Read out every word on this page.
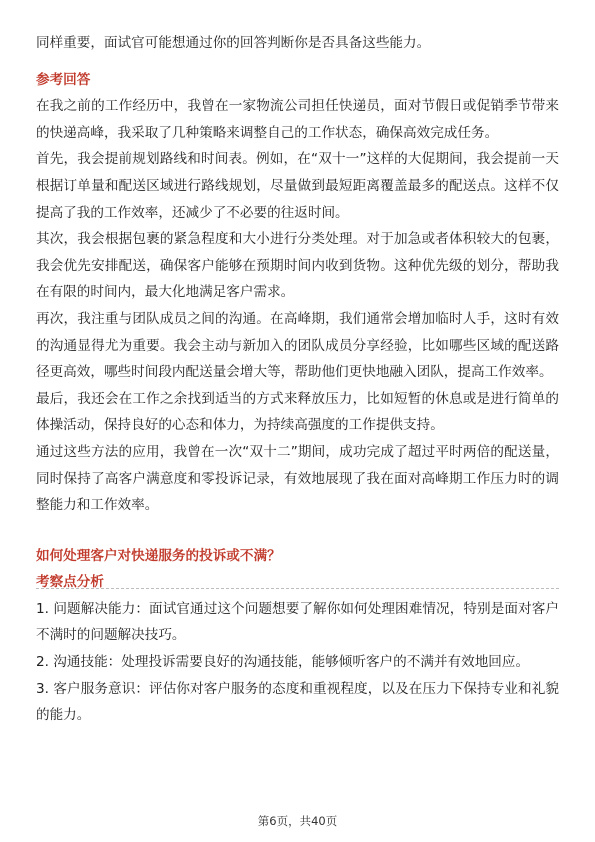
同样重要，面试官可能想通过你的回答判断你是否具备这些能力。

参考回答

在我之前的工作经历中，我曾在一家物流公司担任快递员，面对节假日或促销季节带来的快递高峰，我采取了几种策略来调整自己的工作状态，确保高效完成任务。

首先，我会提前规划路线和时间表。例如，在“双十一”这样的大促期间，我会提前一天根据订单量和配送区域进行路线规划，尽量做到最短距离覆盖最多的配送点。这样不仅提高了我的工作效率，还减少了不必要的往返时间。

其次，我会根据包裹的紧急程度和大小进行分类处理。对于加急或者体积较大的包裹，我会优先安排配送，确保客户能够在预期时间内收到货物。这种优先级的划分，帮助我在有限的时间内，最大化地满足客户需求。

再次，我注重与团队成员之间的沟通。在高峰期，我们通常会增加临时人手，这时有效的沟通显得尤为重要。我会主动与新加入的团队成员分享经验，比如哪些区域的配送路径更高效，哪些时间段内配送量会增大等，帮助他们更快地融入团队，提高工作效率。

最后，我还会在工作之余找到适当的方式来释放压力，比如短暂的休息或是进行简单的体操活动，保持良好的心态和体力，为持续高强度的工作提供支持。

通过这些方法的应用，我曾在一次“双十二”期间，成功完成了超过平时两倍的配送量，同时保持了高客户满意度和零投诉记录，有效地展现了我在面对高峰期工作压力时的调整能力和工作效率。

如何处理客户对快递服务的投诉或不满？

考察点分析

1. 问题解决能力：面试官通过这个问题想要了解你如何处理困难情况，特别是面对客户不满时的问题解决技巧。

2. 沟通技能：处理投诉需要良好的沟通技能，能够倾听客户的不满并有效地回应。

3. 客户服务意识：评估你对客户服务的态度和重视程度，以及在压力下保持专业和礼貌的能力。

第6页，共40页
